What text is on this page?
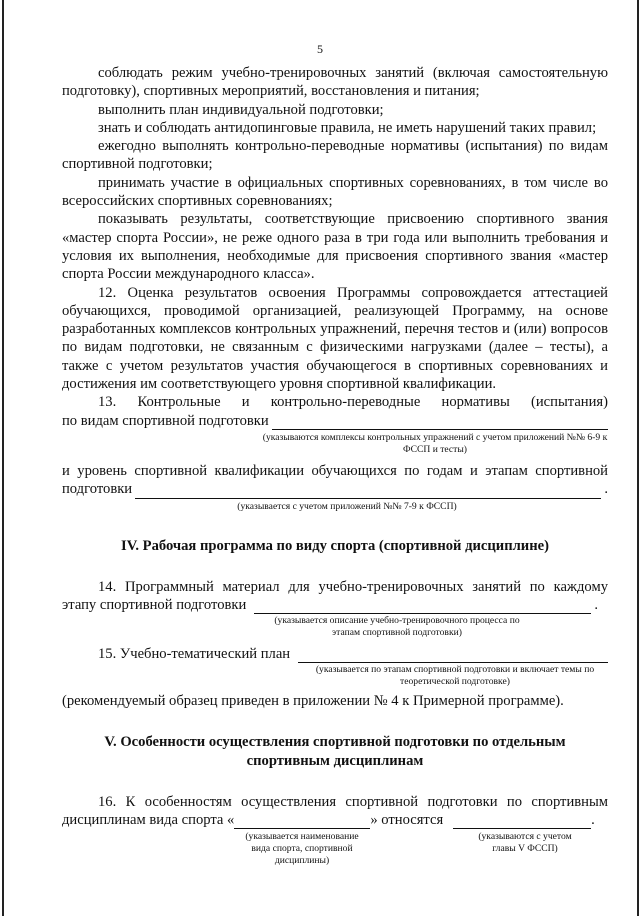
5

соблюдать режим учебно-тренировочных занятий (включая самостоятельную подготовку), спортивных мероприятий, восстановления и питания;

выполнить план индивидуальной подготовки;

знать и соблюдать антидопинговые правила, не иметь нарушений таких правил;

ежегодно выполнять контрольно-переводные нормативы (испытания) по видам спортивной подготовки;

принимать участие в официальных спортивных соревнованиях, в том числе во всероссийских спортивных соревнованиях;

показывать результаты, соответствующие присвоению спортивного звания «мастер спорта России», не реже одного раза в три года или выполнить требования и условия их выполнения, необходимые для присвоения спортивного звания «мастер спорта России международного класса».

12. Оценка результатов освоения Программы сопровождается аттестацией обучающихся, проводимой организацией, реализующей Программу, на основе разработанных комплексов контрольных упражнений, перечня тестов и (или) вопросов по видам подготовки, не связанным с физическими нагрузками (далее – тесты), а также с учетом результатов участия обучающегося в спортивных соревнованиях и достижения им соответствующего уровня спортивной квалификации.

13. Контрольные и контрольно-переводные нормативы (испытания)

по видам спортивной подготовки
(указываются комплексы контрольных упражнений с учетом приложений №№ 6-9 к ФССП и тесты)

и уровень спортивной квалификации обучающихся по годам и этапам спортивной

подготовки	.
(указывается с учетом приложений №№ 7-9 к ФССП)
IV. Рабочая программа по виду спорта (спортивной дисциплине)

14. Программный материал для учебно-тренировочных занятий по каждому

этапу спортивной подготовки	.
(указывается описание учебно-тренировочного процесса по этапам спортивной подготовки)
15. Учебно-тематический план
(указывается по этапам спортивной подготовки и включает темы по теоретической подготовке)

(рекомендуемый образец приведен в приложении № 4 к Примерной программе).

V. Особенности осуществления спортивной подготовки по отдельным
спортивным дисциплинам

16. К особенностям осуществления спортивной подготовки по спортивным

дисциплинам вида спорта «	» относятся	.
(указывается наименование вида спорта, спортивной дисциплины)
(указываются с учетом главы V ФССП)
